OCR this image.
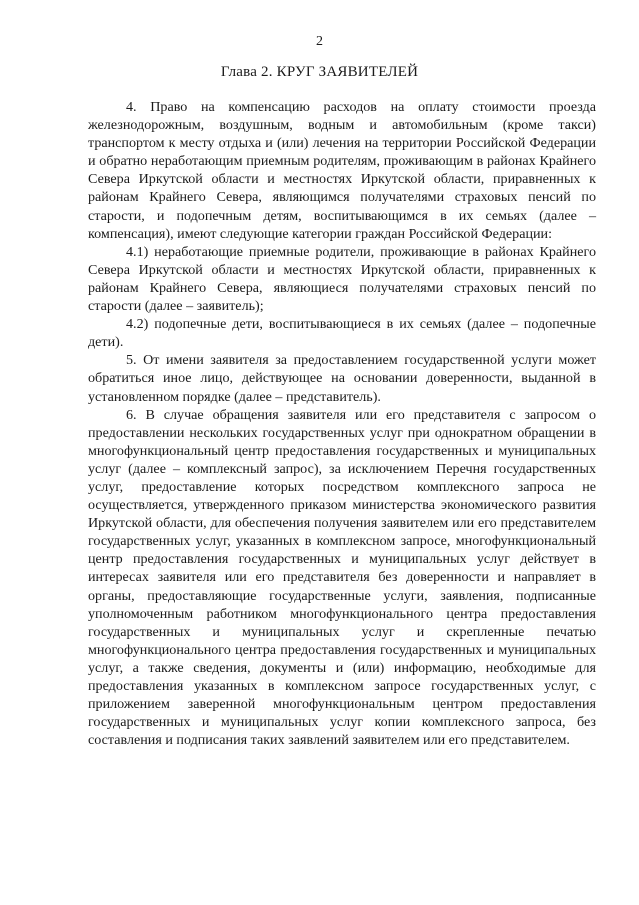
2
Глава 2. КРУГ ЗАЯВИТЕЛЕЙ

4. Право на компенсацию расходов на оплату стоимости проезда железнодорожным, воздушным, водным и автомобильным (кроме такси) транспортом к месту отдыха и (или) лечения на территории Российской Федерации и обратно неработающим приемным родителям, проживающим в районах Крайнего Севера Иркутской области и местностях Иркутской области, приравненных к районам Крайнего Севера, являющимся получателями страховых пенсий по старости, и подопечным детям, воспитывающимся в их семьях (далее – компенсация), имеют следующие категории граждан Российской Федерации:

4.1) неработающие приемные родители, проживающие в районах Крайнего Севера Иркутской области и местностях Иркутской области, приравненных к районам Крайнего Севера, являющиеся получателями страховых пенсий по старости (далее – заявитель);

4.2) подопечные дети, воспитывающиеся в их семьях (далее – подопечные дети).

5. От имени заявителя за предоставлением государственной услуги может обратиться иное лицо, действующее на основании доверенности, выданной в установленном порядке (далее – представитель).

6. В случае обращения заявителя или его представителя с запросом о предоставлении нескольких государственных услуг при однократном обращении в многофункциональный центр предоставления государственных и муниципальных услуг (далее – комплексный запрос), за исключением Перечня государственных услуг, предоставление которых посредством комплексного запроса не осуществляется, утвержденного приказом министерства экономического развития Иркутской области, для обеспечения получения заявителем или его представителем государственных услуг, указанных в комплексном запросе, многофункциональный центр предоставления государственных и муниципальных услуг действует в интересах заявителя или его представителя без доверенности и направляет в органы, предоставляющие государственные услуги, заявления, подписанные уполномоченным работником многофункционального центра предоставления государственных и муниципальных услуг и скрепленные печатью многофункционального центра предоставления государственных и муниципальных услуг, а также сведения, документы и (или) информацию, необходимые для предоставления указанных в комплексном запросе государственных услуг, с приложением заверенной многофункциональным центром предоставления государственных и муниципальных услуг копии комплексного запроса, без составления и подписания таких заявлений заявителем или его представителем.
